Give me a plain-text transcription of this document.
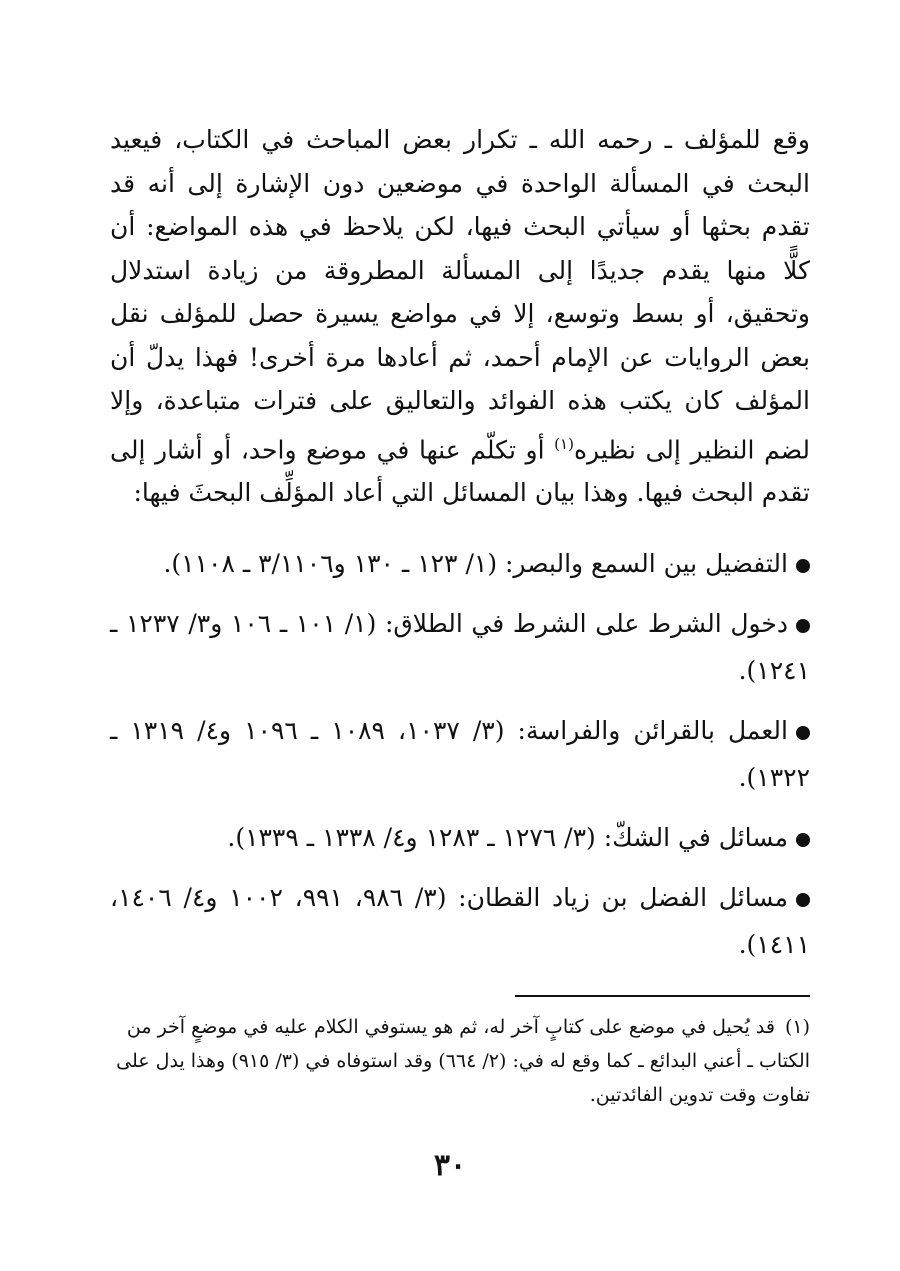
وقع للمؤلف ـ رحمه الله ـ تكرار بعض المباحث في الكتاب، فيعيد البحث في المسألة الواحدة في موضعين دون الإشارة إلى أنه قد تقدم بحثها أو سيأتي البحث فيها، لكن يلاحظ في هذه المواضع: أن كلًّا منها يقدم جديدًا إلى المسألة المطروقة من زيادة استدلال وتحقيق، أو بسط وتوسع، إلا في مواضع يسيرة حصل للمؤلف نقل بعض الروايات عن الإمام أحمد، ثم أعادها مرة أخرى! فهذا يدلّ أن المؤلف كان يكتب هذه الفوائد والتعاليق على فترات متباعدة، وإلا لضم النظير إلى نظيره$^{(١)}$ أو تكلّم عنها في موضع واحد، أو أشار إلى تقدم البحث فيها. وهذا بيان المسائل التي أعاد المؤلِّف البحثَ فيها:

التفضيل بين السمع والبصر: (١/ ١٢٣ ـ ١٣٠ و٣/١١٠٦ ـ ١١٠٨).
دخول الشرط على الشرط في الطلاق: (١/ ١٠١ ـ ١٠٦ و٣/ ١٢٣٧ ـ ١٢٤١).
العمل بالقرائن والفراسة: (٣/ ١٠٣٧، ١٠٨٩ ـ ١٠٩٦ و٤/ ١٣١٩ ـ ١٣٢٢).
مسائل في الشكّ: (٣/ ١٢٧٦ ـ ١٢٨٣ و٤/ ١٣٣٨ ـ ١٣٣٩).
مسائل الفضل بن زياد القطان: (٣/ ٩٨٦، ٩٩١، ١٠٠٢ و٤/ ١٤٠٦، ١٤١١).
(١)قد يُحيل في موضع على كتابٍ آخر له، ثم هو يستوفي الكلام عليه في موضعٍ آخر من الكتاب ـ أعني البدائع ـ كما وقع له في: (٢/ ٦٦٤) وقد استوفاه في (٣/ ٩١٥) وهذا يدل على تفاوت وقت تدوين الفائدتين.
٣٠
